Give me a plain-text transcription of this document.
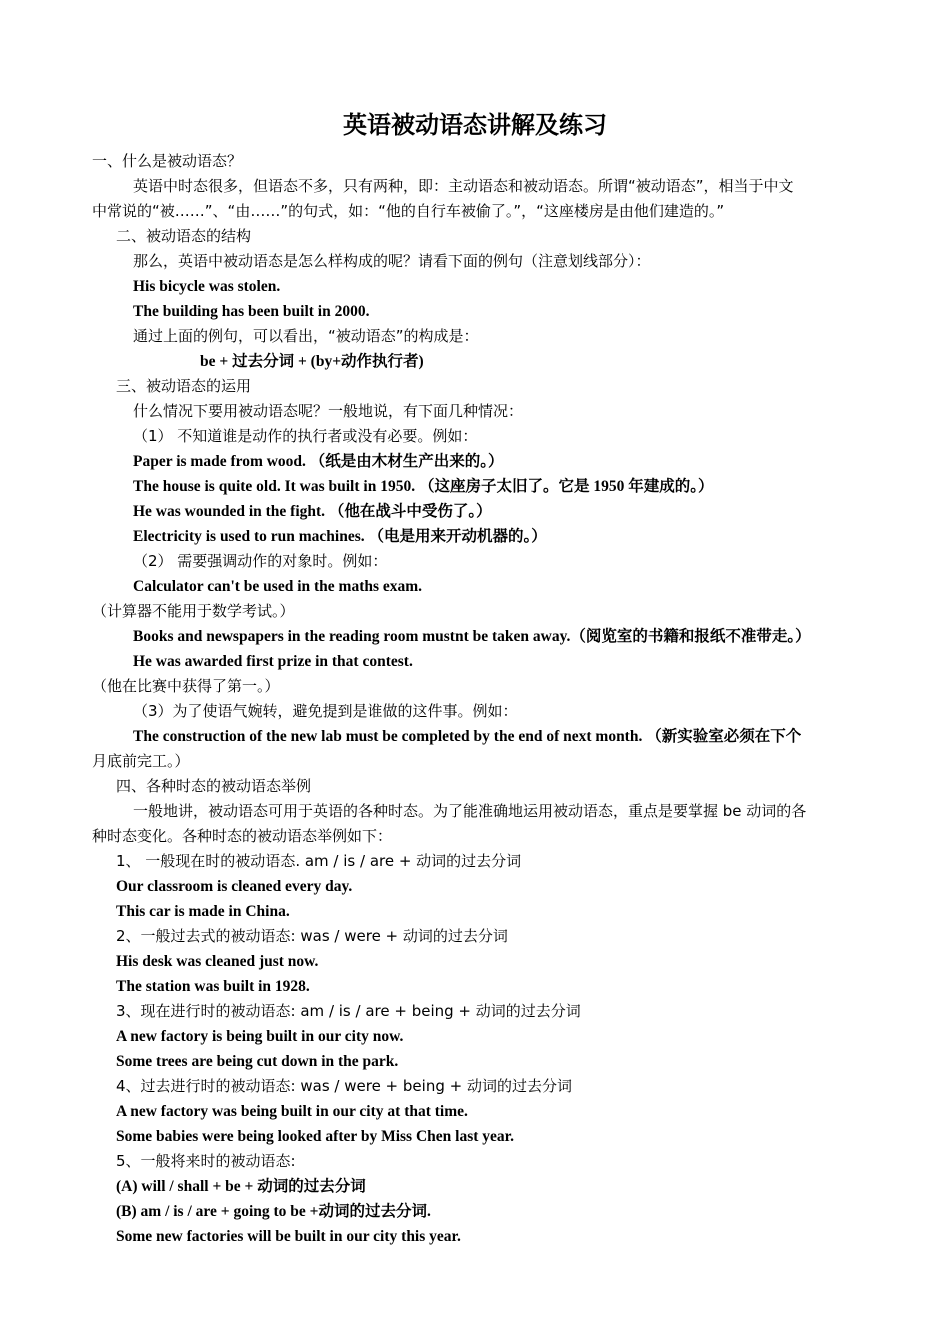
英语被动语态讲解及练习
一、什么是被动语态？
英语中时态很多，但语态不多，只有两种，即：主动语态和被动语态。所谓“被动语态”，相当于中文
中常说的“被……”、“由……”的句式，如：“他的自行车被偷了。”，“这座楼房是由他们建造的。”
二、被动语态的结构
那么，英语中被动语态是怎么样构成的呢？请看下面的例句（注意划线部分）：
His bicycle was stolen.
The building has been built in 2000.
通过上面的例句，可以看出，“被动语态”的构成是：
be + 过去分词 + (by+动作执行者)
三、被动语态的运用
什么情况下要用被动语态呢？一般地说，有下面几种情况：
（1） 不知道谁是动作的执行者或没有必要。例如：
Paper is made from wood. （纸是由木材生产出来的。）
The house is quite old. It was built in 1950. （这座房子太旧了。它是 1950 年建成的。）
He was wounded in the fight. （他在战斗中受伤了。）
Electricity is used to run machines. （电是用来开动机器的。）
（2） 需要强调动作的对象时。例如：
Calculator can't be used in the maths exam.
（计算器不能用于数学考试。）
Books and newspapers in the reading room mustnt be taken away.（阅览室的书籍和报纸不准带走。）
He was awarded first prize in that contest.
（他在比赛中获得了第一。）
（3）为了使语气婉转，避免提到是谁做的这件事。例如：
The construction of the new lab must be completed by the end of next month. （新实验室必须在下个
月底前完工。）
四、各种时态的被动语态举例
一般地讲，被动语态可用于英语的各种时态。为了能准确地运用被动语态，重点是要掌握 be 动词的各
种时态变化。各种时态的被动语态举例如下：
1、 一般现在时的被动语态. am / is / are + 动词的过去分词
Our classroom is cleaned every day.
This car is made in China.
2、一般过去式的被动语态: was / were + 动词的过去分词
His desk was cleaned just now.
The station was built in 1928.
3、现在进行时的被动语态: am / is / are + being + 动词的过去分词
A new factory is being built in our city now.
Some trees are being cut down in the park.
4、过去进行时的被动语态: was / were + being + 动词的过去分词
A new factory was being built in our city at that time.
Some babies were being looked after by Miss Chen last year.
5、一般将来时的被动语态:
(A) will / shall + be + 动词的过去分词
(B) am / is / are + going to be +动词的过去分词.
Some new factories will be built in our city this year.
